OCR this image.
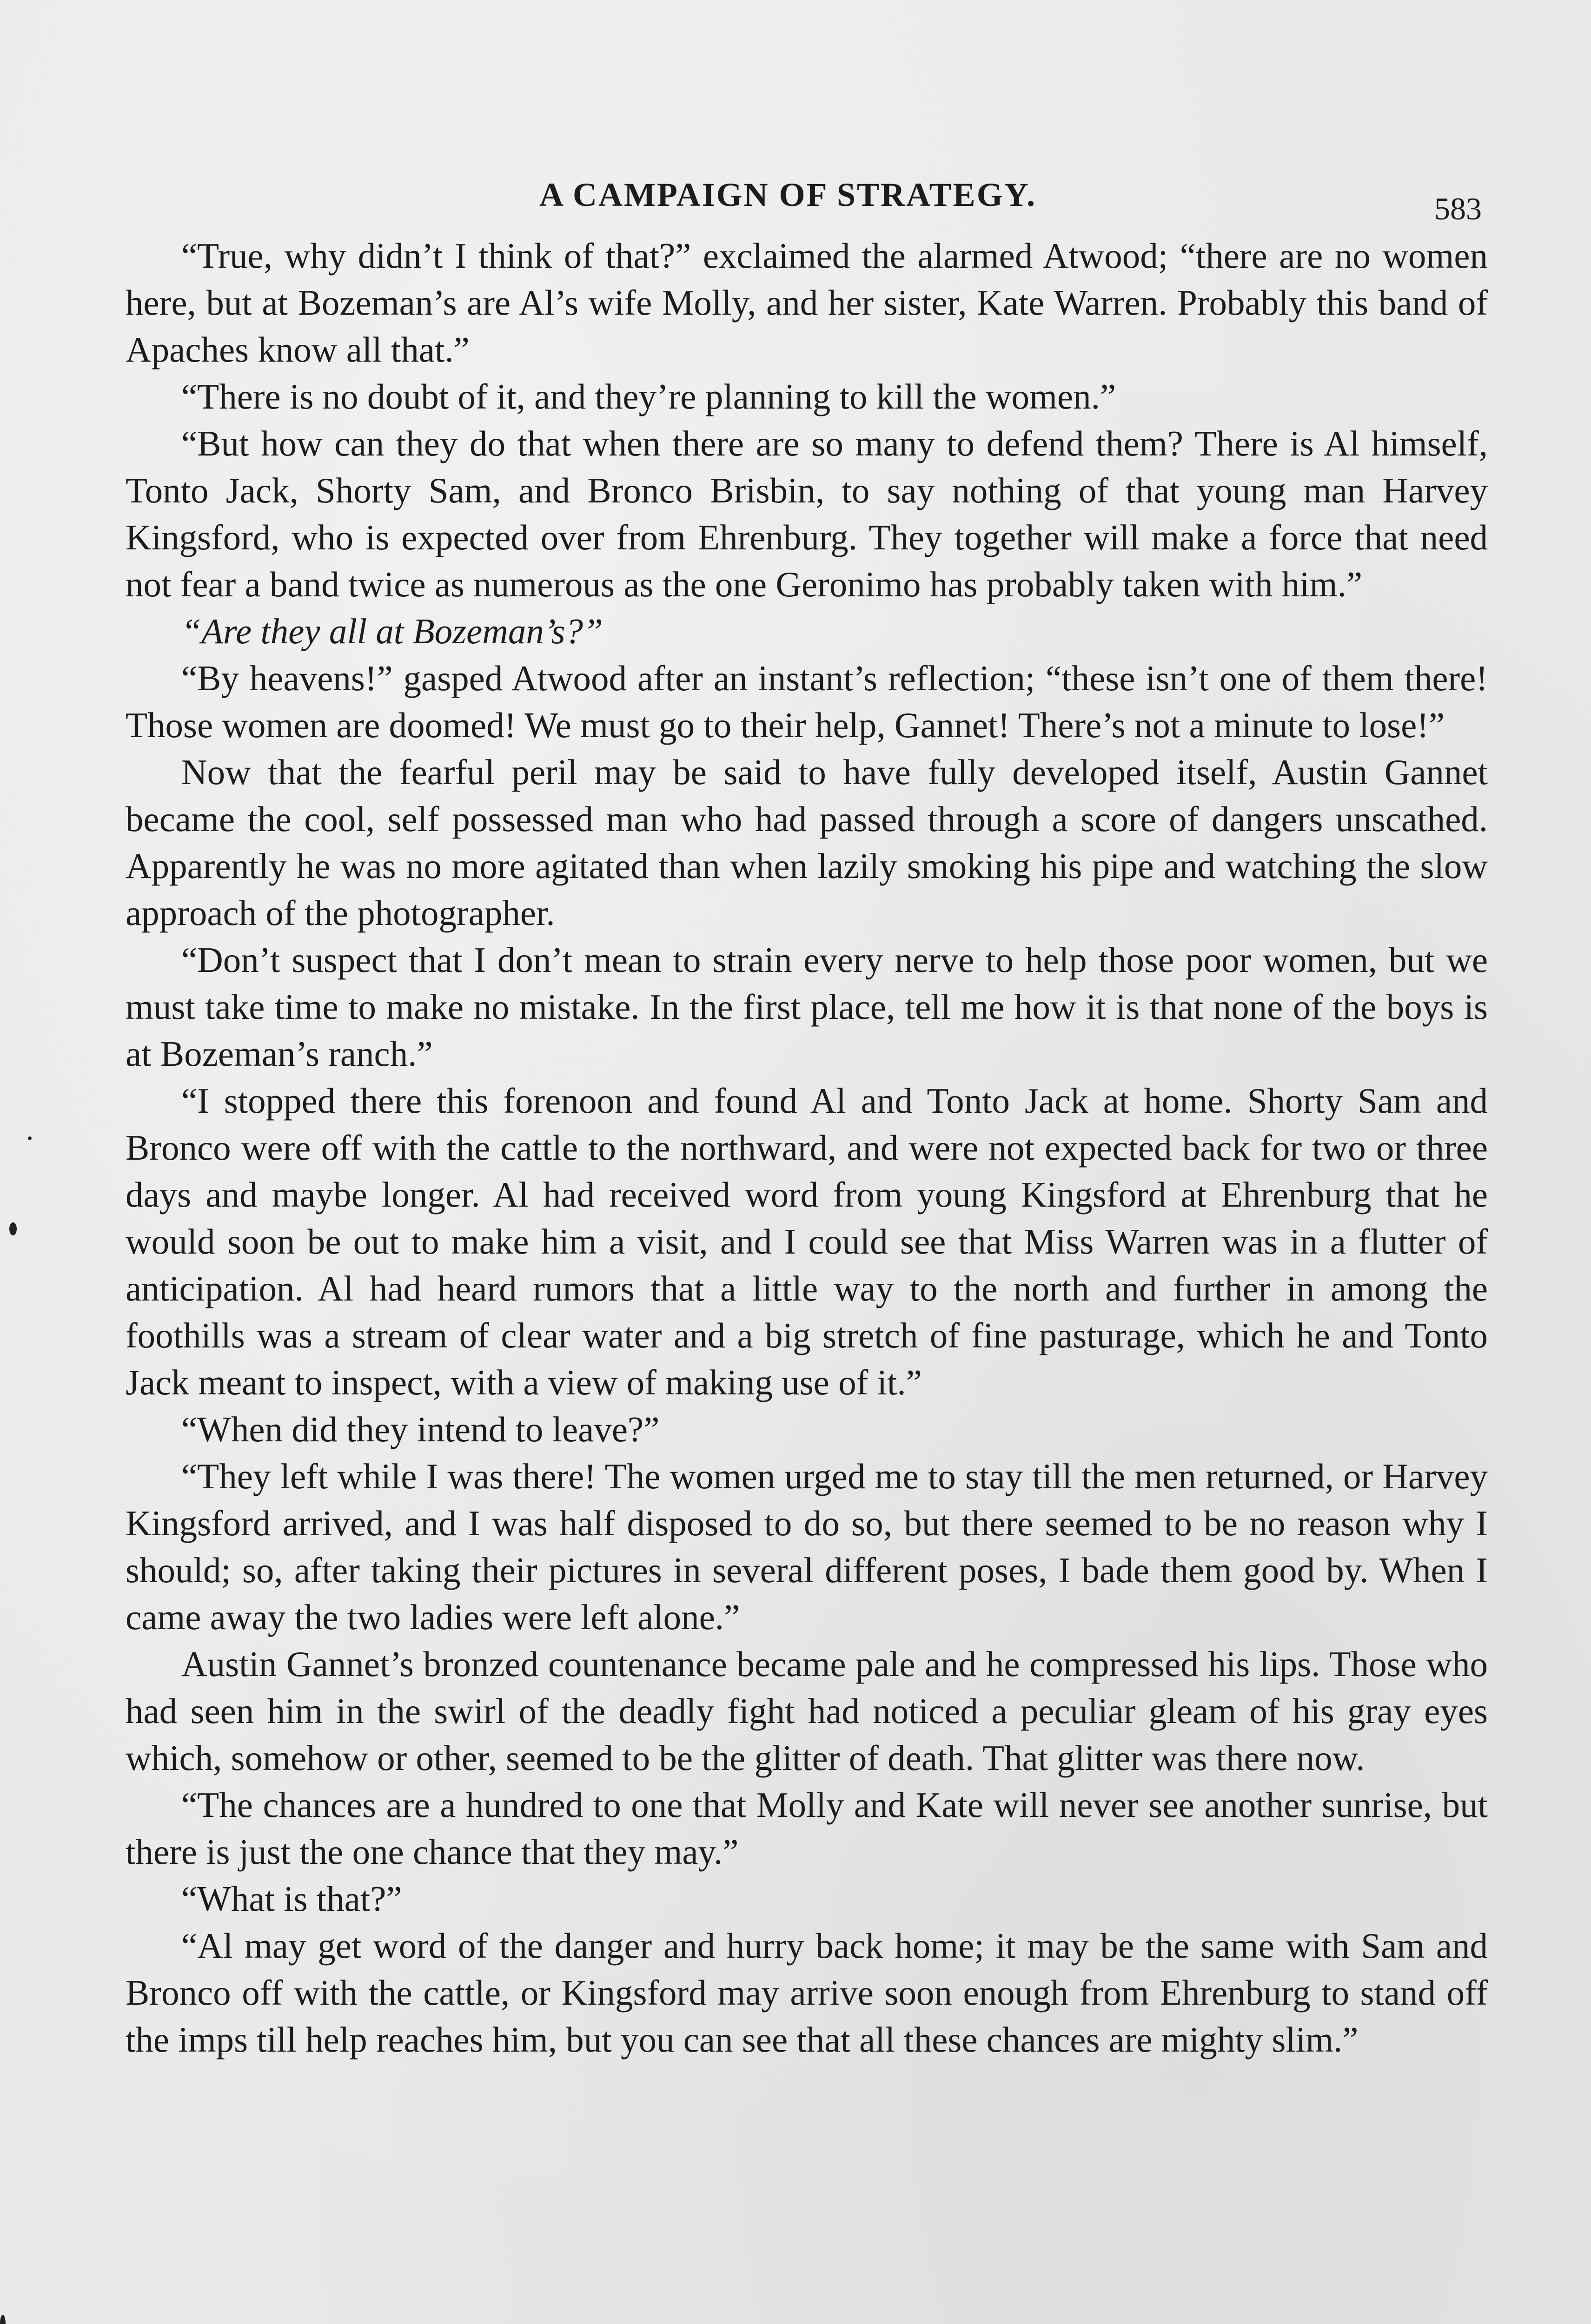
A CAMPAIGN OF STRATEGY.	583

“True, why didn’t I think of that?” exclaimed the alarmed Atwood; “there are no women here, but at Bozeman’s are Al’s wife Molly, and her sister, Kate Warren. Probably this band of Apaches know all that.”

“There is no doubt of it, and they’re planning to kill the women.”

“But how can they do that when there are so many to defend them? There is Al himself, Tonto Jack, Shorty Sam, and Bronco Brisbin, to say nothing of that young man Harvey Kingsford, who is expected over from Ehrenburg. They together will make a force that need not fear a band twice as numerous as the one Geronimo has probably taken with him.”

“Are they all at Bozeman’s?”

“By heavens!” gasped Atwood after an instant’s reflection; “these isn’t one of them there! Those women are doomed! We must go to their help, Gannet! There’s not a minute to lose!”

Now that the fearful peril may be said to have fully developed itself, Austin Gannet became the cool, self possessed man who had passed through a score of dangers unscathed. Apparently he was no more agitated than when lazily smoking his pipe and watching the slow approach of the photographer.

“Don’t suspect that I don’t mean to strain every nerve to help those poor women, but we must take time to make no mistake. In the first place, tell me how it is that none of the boys is at Bozeman’s ranch.”

“I stopped there this forenoon and found Al and Tonto Jack at home. Shorty Sam and Bronco were off with the cattle to the northward, and were not expected back for two or three days and maybe longer. Al had received word from young Kingsford at Ehrenburg that he would soon be out to make him a visit, and I could see that Miss Warren was in a flutter of anticipation. Al had heard rumors that a little way to the north and further in among the foothills was a stream of clear water and a big stretch of fine pasturage, which he and Tonto Jack meant to inspect, with a view of making use of it.”

“When did they intend to leave?”

“They left while I was there! The women urged me to stay till the men returned, or Harvey Kingsford arrived, and I was half disposed to do so, but there seemed to be no reason why I should; so, after taking their pictures in several different poses, I bade them good by. When I came away the two ladies were left alone.”

Austin Gannet’s bronzed countenance became pale and he compressed his lips. Those who had seen him in the swirl of the deadly fight had noticed a peculiar gleam of his gray eyes which, somehow or other, seemed to be the glitter of death. That glitter was there now.

“The chances are a hundred to one that Molly and Kate will never see another sunrise, but there is just the one chance that they may.”

“What is that?”

“Al may get word of the danger and hurry back home; it may be the same with Sam and Bronco off with the cattle, or Kingsford may arrive soon enough from Ehrenburg to stand off the imps till help reaches him, but you can see that all these chances are mighty slim.”
